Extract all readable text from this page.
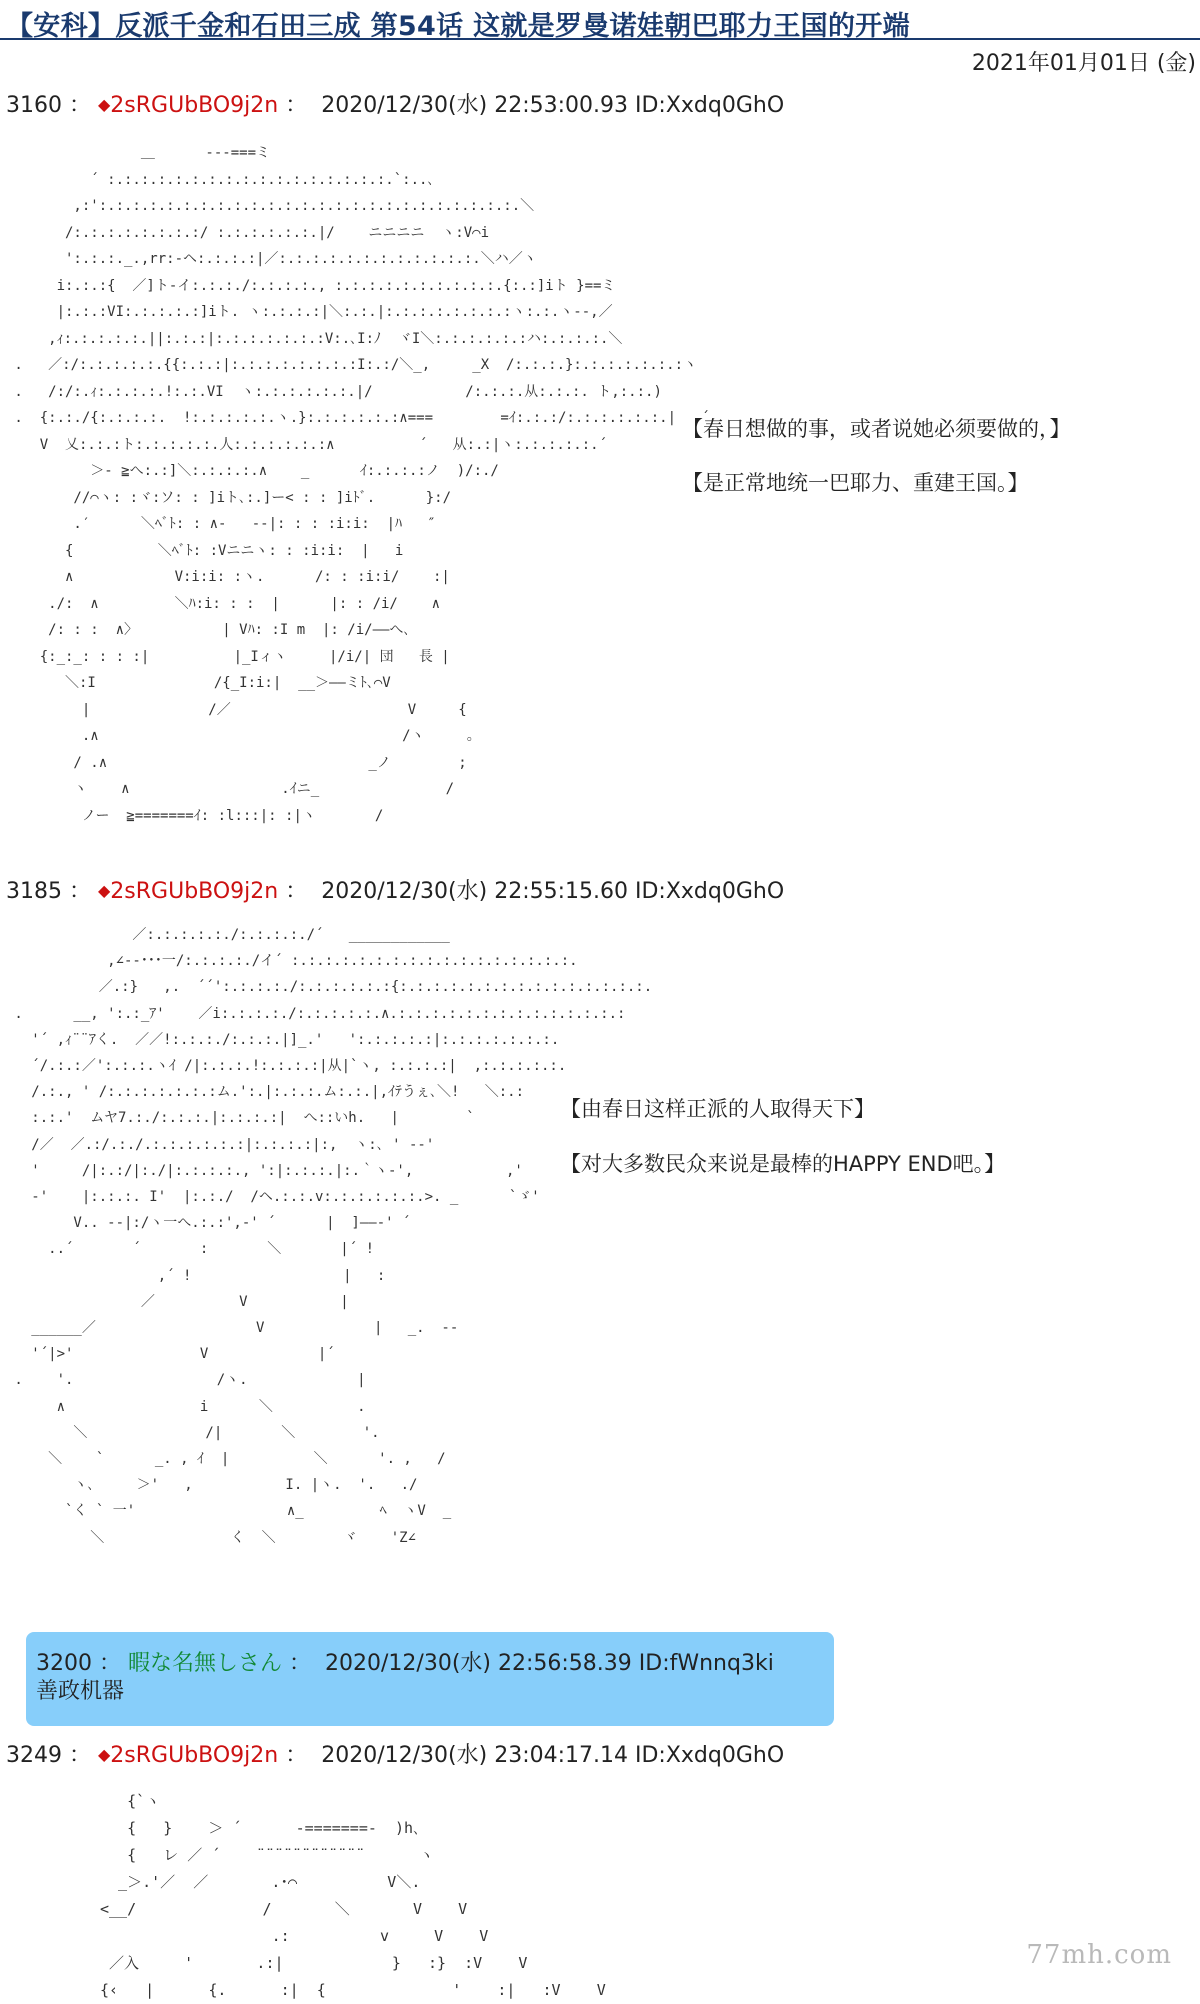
【安科】反派千金和石田三成 第54话 这就是罗曼诺娃朝巴耶力王国的开端
2021年01月01日 (金)
3160 ： ◆2sRGUbBO9j2n ： 2020/12/30(水) 22:53:00.93 ID:Xxdq0GhO
＿      ---===ミ
´ :.:.:.:.:.:.:.:.:.:.:.:.:.:.:.:.:.`:..､
,:':.:.:.:.:.:.:.:.:.:.:.:.:.:.:.:.:.:.:.:.:.:.:.:.:.＼
/:.:.:.:.:.:.:.:/ :.:.:.:.:.:.|/    ニニニニ  ヽ:V⌒i
':.:.:._.,rr:-ヘ:.:.:.:|／:.:.:.:.:.:.:.:.:.:.:.:.＼ハ／ヽ
i:.:.:{  ／]ト-イ:.:.:./:.:.:.:., :.:.:.:.:.:.:.:.:.:.{:.:]iト }==ミ
|:.:.:VI:.:.:.:.:]iト. ヽ:.:.:.:|＼:.:.|:.:.:.:.:.:.:.:ヽ:.:.ヽ--,／
,ｨ:.:.:.:.:.||:.:.:|:.:.:.:.:.:.:V:.､I:ﾉ  ヾI＼:.:.:.:.:.:ハ:.:.:.:.＼
.   ／:/:.:.:.:.:.{{:.:.:|:.:.:.:.:.:.:.:I:.:/＼_,     _X  /:.:.:.}:.:.:.:.:.:.:ヽ
.   /:/:.ｨ:.:.:.:.!:.:.VI  ヽ:.:.:.:.:.:.|/           /:.:.:.从:.:.:. ト,:.:.)
.  {:.:./{:.:.:.:.  !:.:.:.:.:.ヽ.}:.:.:.:.:.:∧===        =ｲ:.:.:/:.:.:.:.:.:.|   ´
V  乂:.:.:ト:.:.:.:.:.人:.:.:.:.:.:∧          ´   从:.:|ヽ:.:.:.:.:.´
＞- ≧へ:.:]＼:.:.:.:.∧    _      ｲ:.:.:.:ノ  )/:./
//⌒ヽ: :ヾ:ソ: : ]iト､:.]ー< : : ]iﾄﾞ.      }:/
.′      ＼ﾍﾞﾄ: : ∧-   --|: : : :i:i:  |ﾊ   ″
{          ＼ﾍﾞﾄ: :Vニニヽ: : :i:i:  |   i
∧            V:i:i: :ヽ.      /: : :i:i/    :|
./:  ∧         ＼ﾊ:i: : :  |      |: : /i/    ∧
/: : :  ∧〉          | Vﾊ: :I m  |: /i/――へ､
{:_:_: : : :|          |_Iィヽ     |/i/| 団   長 |
＼:I              /{_I:i:|  __＞――ミﾄ､⌒V
|              /／                     V     {
.∧                                    /ヽ     ｡
/ .∧                               _ノ        ;
ヽ    ∧                  .ｲニ_               /
ノー  ≧=======ｲ: :l:::|: :|ヽ       /
【春日想做的事，或者说她必须要做的，】
【是正常地统一巴耶力、重建王国。】
3185 ： ◆2sRGUbBO9j2n ： 2020/12/30(水) 22:55:15.60 ID:Xxdq0GhO
／:.:.:.:.:./:.:.:.:./´   ____________
,∠--･･･一/:.:.:.:./イ´ :.:.:.:.:.:.:.:.:.:.:.:.:.:.:.:.:.
／.:}   ,.  ´´':.:.:.:./:.:.:.:.:.:{:.:.:.:.:.:.:.:.:.:.:.:.:.:.:.
.      __, ':.:_ｱ'    ／i:.:.:.:./:.:.:.:.:.∧.:.:.:.:.:.:.:.:.:.:.:.:.:.:
'´ ,ｨ¨¨ｱく.  ／／!:.:.:./:.:.:.|]_.'   ':.:.:.:.:|:.:.:.:.:.:.:.
´/.:.:／':.:.:.ヽｲ /|:.:.:.!:.:.:.:|从|`ヽ, :.:.:.:|  ,:.:.:.:.:.
/.:., ' /:.:.:.:.:.:.:ム.':.|:.:.:.ム:.:.|,ｲﾃうぇ､＼!   ＼:.:
:.:.'  ムヤ7.:./:.:.:.|:.:.:.:|  へ::いh.   |        `
/／  ／.:/.:./.:.:.:.:.:.:|:.:.:.:|:,  ヽ:､ ' --'
'     /|:.:/|:./|:.:.:.:., ':|:.:.:.|:.｀ヽ-',           ,'
-'    |:.:.:. I'  |:.:./  /ヘ.:.:.v:.:.:.:.:.:.>. _      `ゞ'
V.. --|:/ヽ一へ.:.:',-' ´      |  ]――-' ´
..´       ´       :       ＼       |´ !
,´ !                  |   :
／          V           |
______／                   V             |   _.  --
'´|>'               V             |´
.    '.                 /ヽ.             |
∧                i      ＼          .
＼              /|       ＼        '.
＼    `      _. , ｲ  |          ＼      '. ,   /
ヽ､     ＞'   ,           I. |ヽ.  '.   ./
`く ` 一'                  ∧_         ﾍ  ヽV  _
＼               く  ＼        ヾ    'Z∠
【由春日这样正派的人取得天下】
【对大多数民众来说是最棒的HAPPY END吧。】
3200 ： 暇な名無しさん ： 2020/12/30(水) 22:56:58.39 ID:fWnnq3ki
善政机器
3249 ： ◆2sRGUbBO9j2n ： 2020/12/30(水) 23:04:17.14 ID:Xxdq0GhO
{`ヽ
{   }    ＞ ´      -=======-  )h､
{   レ ／ ´    ¨¨¨¨¨¨¨¨¨¨¨¨      ヽ
_＞.'／  ／       .･⌒          V＼.
<__/              /       ＼       V    V
.:          v     V    V
／入     '       .:|            }   :}  :V    V
{‹   |      {.      :|  {              '    :|   :V    V
77mh.com
